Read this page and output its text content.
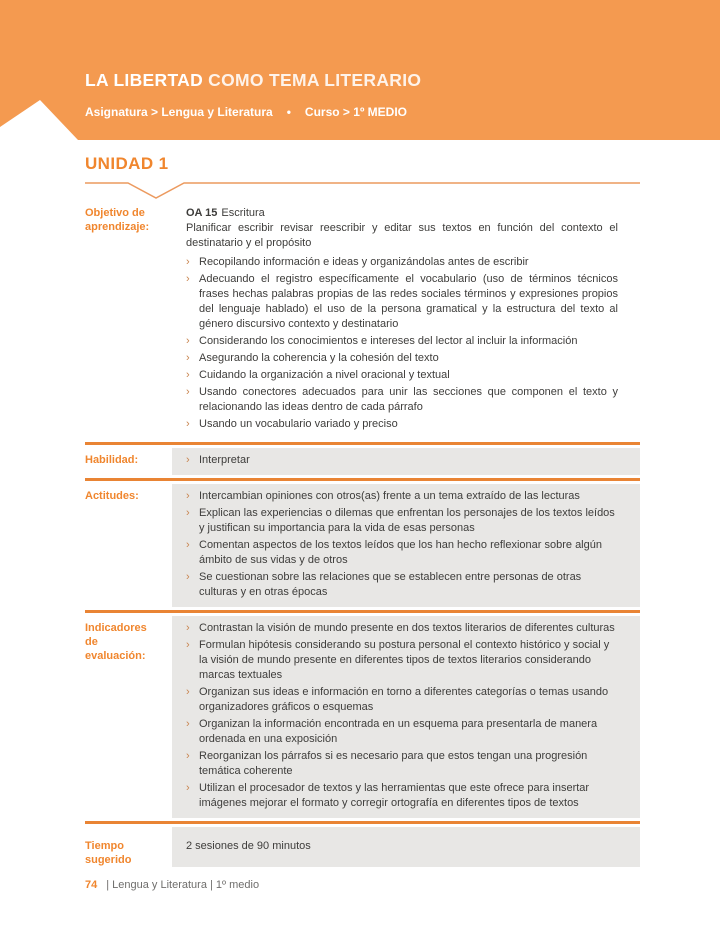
LA LIBERTAD COMO TEMA LITERARIO
Asignatura > Lengua y Literatura • Curso > 1º MEDIO
UNIDAD 1
Objetivo de aprendizaje:

OA 15 Escritura

Planificar escribir revisar reescribir y editar sus textos en función del contexto el destinatario y el propósito

› Recopilando información e ideas y organizándolas antes de escribir
› Adecuando el registro específicamente el vocabulario (uso de términos técnicos frases hechas palabras propias de las redes sociales términos y expresiones propios del lenguaje hablado) el uso de la persona gramatical y la estructura del texto al género discursivo contexto y destinatario
› Considerando los conocimientos e intereses del lector al incluir la información
› Asegurando la coherencia y la cohesión del texto
› Cuidando la organización a nivel oracional y textual
› Usando conectores adecuados para unir las secciones que componen el texto y relacionando las ideas dentro de cada párrafo
› Usando un vocabulario variado y preciso
Habilidad:	› Interpretar
Actitudes:	› Intercambian opiniones con otros(as) frente a un tema extraído de las lecturas
› Explican las experiencias o dilemas que enfrentan los personajes de los textos leídos y justifican su importancia para la vida de esas personas
› Comentan aspectos de los textos leídos que los han hecho reflexionar sobre algún ámbito de sus vidas y de otros
› Se cuestionan sobre las relaciones que se establecen entre personas de otras culturas y en otras épocas
Indicadores de evaluación:
› Contrastan la visión de mundo presente en dos textos literarios de diferentes culturas
› Formulan hipótesis considerando su postura personal el contexto histórico y social y la visión de mundo presente en diferentes tipos de textos literarios considerando marcas textuales
› Organizan sus ideas e información en torno a diferentes categorías o temas usando organizadores gráficos o esquemas
› Organizan la información encontrada en un esquema para presentarla de manera ordenada en una exposición
› Reorganizan los párrafos si es necesario para que estos tengan una progresión temática coherente
› Utilizan el procesador de textos y las herramientas que este ofrece para insertar imágenes mejorar el formato y corregir ortografía en diferentes tipos de textos
Tiempo sugerido
2 sesiones de 90 minutos
74 | Lengua y Literatura | 1º medio
